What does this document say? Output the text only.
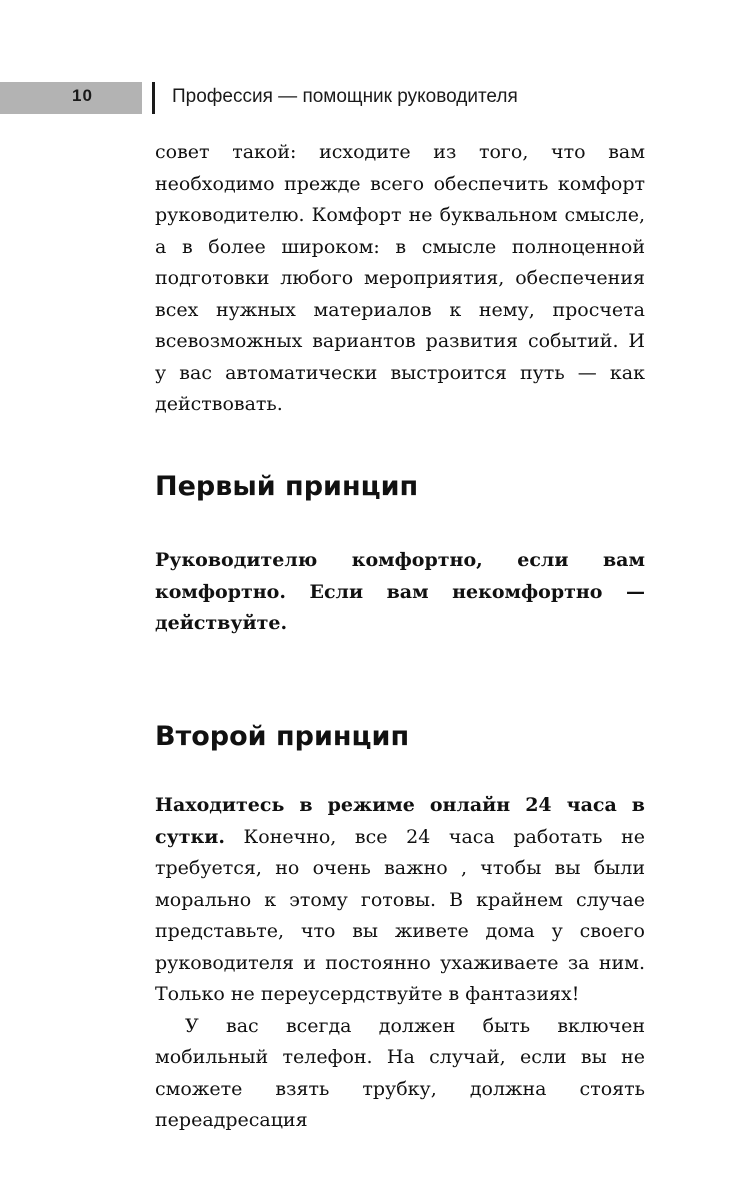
10	Профессия — помощник руководителя

совет такой: исходите из того, что вам необходимо прежде всего обеспечить комфорт руководителю. Комфорт не буквальном смысле, а в более широком: в смысле полноценной подготовки любого мероприятия, обеспечения всех нужных материалов к нему, просчета всевозможных вариантов развития событий. И у вас автоматически выстроится путь — как действовать.

Первый принцип

Руководителю комфортно, если вам комфортно. Если вам некомфортно — действуйте.

Второй принцип

Находитесь в режиме онлайн 24 часа в сутки. Конечно, все 24 часа работать не требуется, но очень важно , чтобы вы были морально к этому готовы. В крайнем случае представьте, что вы живете дома у своего руководителя и постоянно ухаживаете за ним. Только не переусердствуйте в фантазиях!

У вас всегда должен быть включен мобильный телефон. На случай, если вы не сможете взять трубку, должна стоять переадресация
